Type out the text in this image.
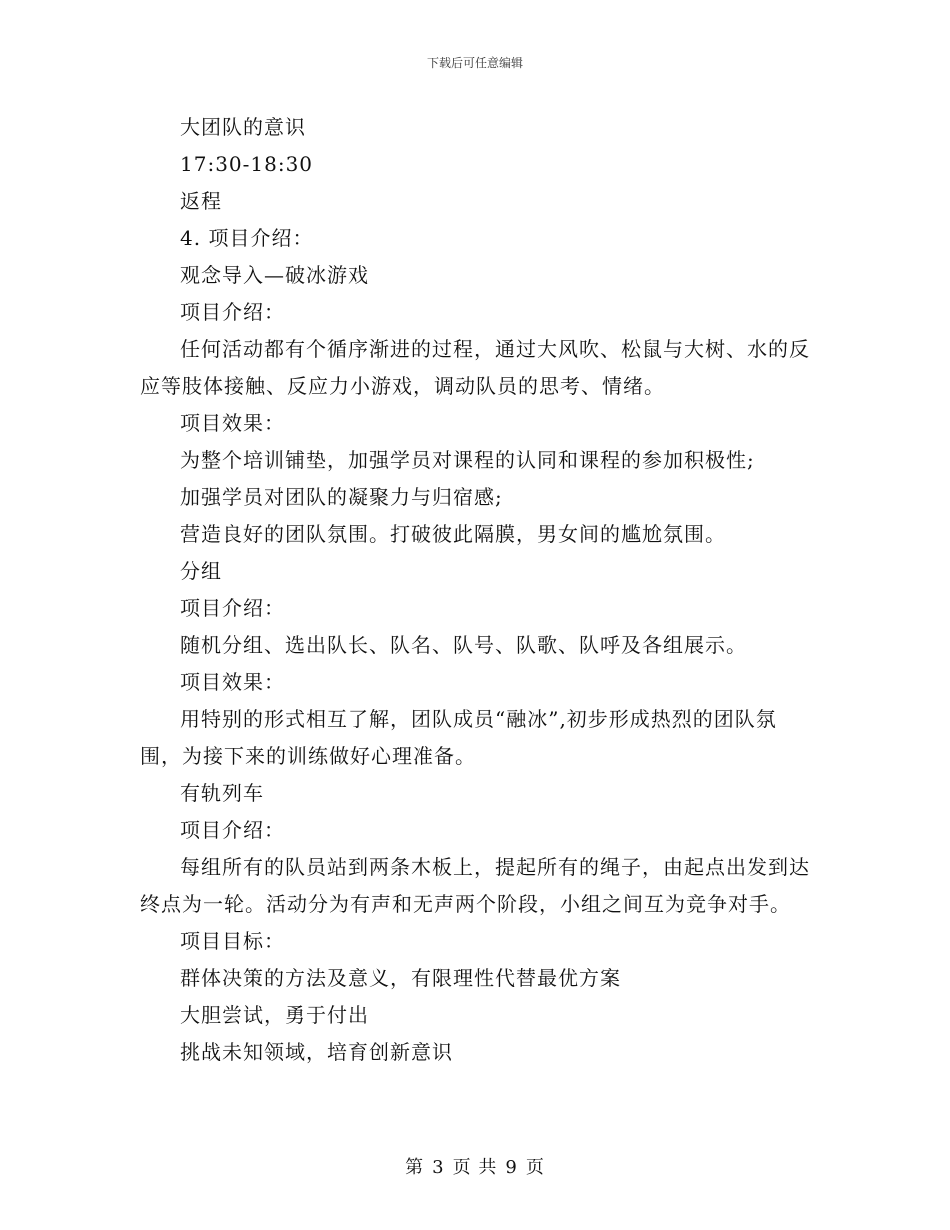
下载后可任意编辑

大团队的意识

17:30-18:30

返程

4. 项目介绍：

观念导入—破冰游戏

项目介绍：

任何活动都有个循序渐进的过程，通过大风吹、松鼠与大树、水的反应等肢体接触、反应力小游戏，调动队员的思考、情绪。

项目效果：

为整个培训铺垫，加强学员对课程的认同和课程的参加积极性;

加强学员对团队的凝聚力与归宿感;

营造良好的团队氛围。打破彼此隔膜，男女间的尴尬氛围。

分组

项目介绍：

随机分组、选出队长、队名、队号、队歌、队呼及各组展示。

项目效果：

用特别的形式相互了解，团队成员“融冰”,初步形成热烈的团队氛围，为接下来的训练做好心理准备。

有轨列车

项目介绍：

每组所有的队员站到两条木板上，提起所有的绳子，由起点出发到达终点为一轮。活动分为有声和无声两个阶段，小组之间互为竞争对手。

项目目标：

群体决策的方法及意义，有限理性代替最优方案

大胆尝试，勇于付出

挑战未知领域，培育创新意识

第 3 页 共 9 页
